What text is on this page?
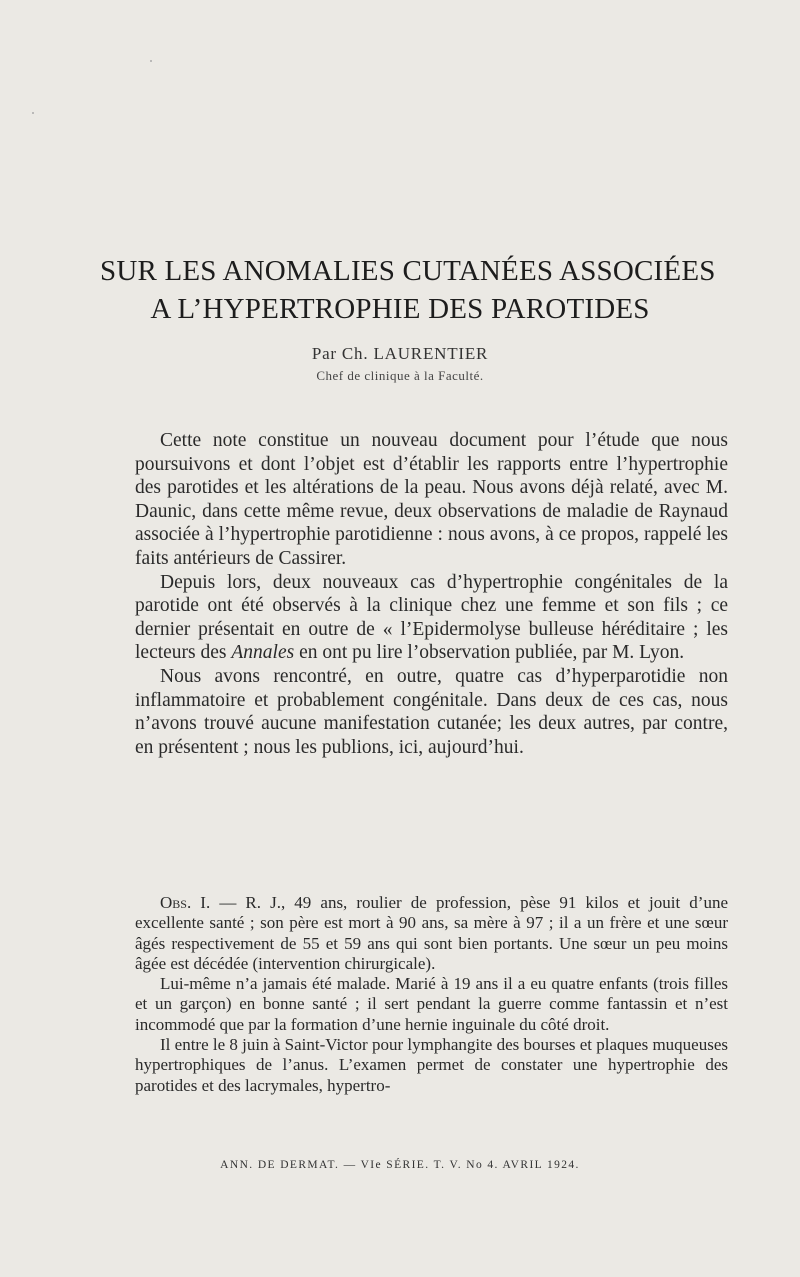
SUR LES ANOMALIES CUTANÉES ASSOCIÉES
A L’HYPERTROPHIE DES PAROTIDES
Par Ch. LAURENTIER
Chef de clinique à la Faculté.

Cette note constitue un nouveau document pour l’étude que nous poursuivons et dont l’objet est d’établir les rapports entre l’hypertrophie des parotides et les altérations de la peau. Nous avons déjà relaté, avec M. Daunic, dans cette même revue, deux observations de maladie de Raynaud associée à l’hypertrophie parotidienne : nous avons, à ce propos, rappelé les faits antérieurs de Cassirer.

Depuis lors, deux nouveaux cas d’hypertrophie congénitales de la parotide ont été observés à la clinique chez une femme et son fils ; ce dernier présentait en outre de « l’Epidermolyse bulleuse héréditaire ; les lecteurs des Annales en ont pu lire l’observation publiée, par M. Lyon.

Nous avons rencontré, en outre, quatre cas d’hyperparotidie non inflammatoire et probablement congénitale. Dans deux de ces cas, nous n’avons trouvé aucune manifestation cutanée; les deux autres, par contre, en présentent ; nous les publions, ici, aujourd’hui.

Obs. I. — R. J., 49 ans, roulier de profession, pèse 91 kilos et jouit d’une excellente santé ; son père est mort à 90 ans, sa mère à 97 ; il a un frère et une sœur âgés respectivement de 55 et 59 ans qui sont bien portants. Une sœur un peu moins âgée est décédée (intervention chirurgicale).

Lui-même n’a jamais été malade. Marié à 19 ans il a eu quatre enfants (trois filles et un garçon) en bonne santé ; il sert pendant la guerre comme fantassin et n’est incommodé que par la formation d’une hernie inguinale du côté droit.

Il entre le 8 juin à Saint-Victor pour lymphangite des bourses et plaques muqueuses hypertrophiques de l’anus. L’examen permet de constater une hypertrophie des parotides et des lacrymales, hypertro-

ANN. DE DERMAT. — VIe SÉRIE. T. V. No 4. AVRIL 1924.
